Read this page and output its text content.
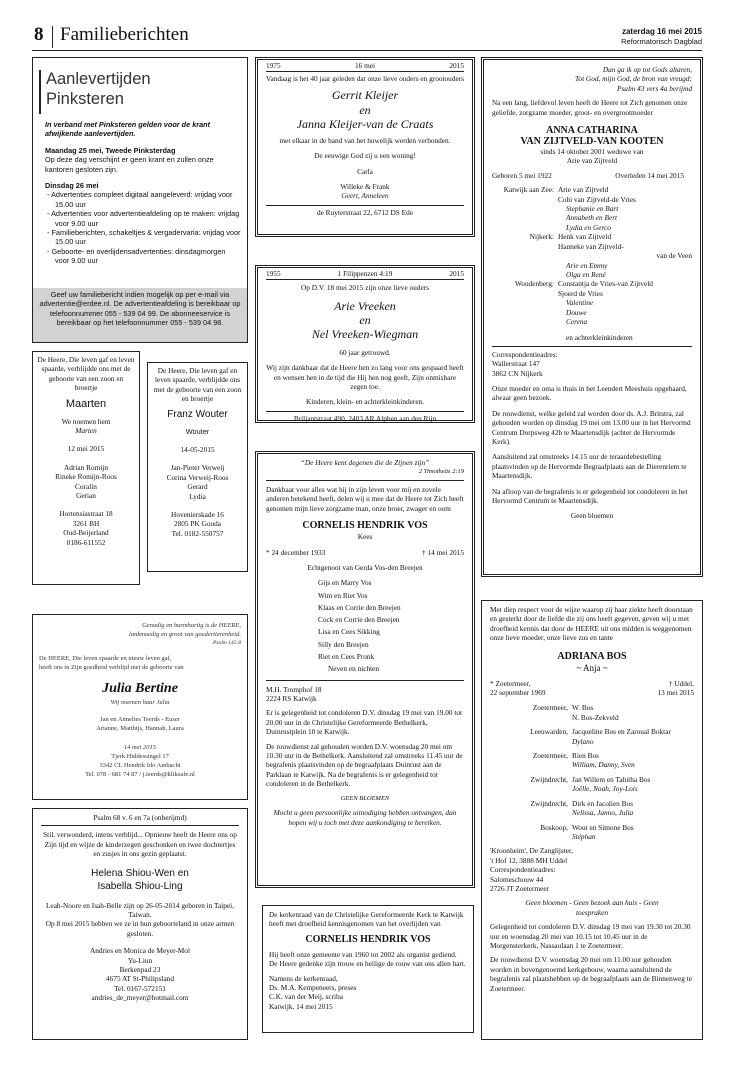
8 Familieberichten	zaterdag 16 mei 2015
Reformatorisch Dagblad
Aanlevertijden
Pinksteren

In verband met Pinksteren gelden voor de krant afwijkende aanlevertijden.

Maandag 25 mei, Tweede Pinksterdag

Op deze dag verschijnt er geen krant en zullen onze kantoren gesloten zijn.

Dinsdag 26 mei

- Advertenties compleet digitaal aangeleverd: vrijdag voor 15.00 uur

- Advertenties voor advertentieafdeling op te maken: vrijdag voor 9.00 uur

- Familieberichten, schakeltjes & vergadervaria: vrijdag voor 15.00 uur

- Geboorte- en overlijdensadvertenties: dinsdagmorgen voor 9.00 uur

Geef uw familiebericht indien mogelijk op per e-mail via advertentie@erdee.nl. De advertentieafdeling is bereikbaar op telefoonnummer 055 - 539 04 99. De abonneeservice is bereikbaar op het telefoonnummer 055 - 539 04 98.
1975	16 mei	2015

Vandaag is het 40 jaar geleden dat onze lieve ouders en grootouders

Gerrit Kleijer

en

Janna Kleijer-van de Craats

met elkaar in de band van het huwelijk werden verbonden.

De eeuwige God zij u een woning!

Carla

Willeke & Frank

Geert, Anneleen

de Ruyterstraat 22, 6712 DS Ede

1955	1 Filippenzen 4:19	2015

Op D.V. 18 mei 2015 zijn onze lieve ouders

Arie Vreeken

en

Nel Vreeken-Wiegman

60 jaar getrouwd.

Wij zijn dankbaar dat de Heere hen zo lang voor ons gespaard heeft en wensen hen in de tijd die Hij hen nog geeft, Zijn onmisbare zegen toe.

Kinderen, klein- en achterkleinkinderen.

Briljantstraat 490, 2403 AR Alphen aan den Rijn

Dan ga ik op tot Gods altaren,

Tot God, mijn God, de bron van vreugd;

Psalm 43 vers 4a berijmd

Na een lang, liefdevol leven heeft de Heere tot Zich genomen onze geliefde, zorgzame moeder, groot- en overgrootmoeder

ANNA CATHARINA

VAN ZIJTVELD-VAN KOOTEN

sinds 14 oktober 2001 weduwe van

Arie van Zijtveld

Geboren 5 mei 1922	Overleden 14 mei 2015
Katwijk aan Zee: Arie van Zijtveld

Cobi van Zijtveld-de Vries

Stephanie en Bart

Annabeth en Bert

Lydia en Gerco

Nijkerk: Henk van Zijtveld

Hanneke van Zijtveld-

van de Veen

Arie en Emmy

Olga en René

Woudenberg: Constantja de Vries-van Zijtveld

Sjoerd de Vries

Valentine

Douwe

Cerena

en achterkleinkinderen

Correspondentieadres:

Wallerstraat 147

3862 CN Nijkerk

Onze moeder en oma is thuis in het Leendert Meeshuis opgebaard, alwaar geen bezoek.

De rouwdienst, welke geleid zal worden door ds. A.J. Britstra, zal gehouden worden op dinsdag 19 mei om 13.00 uur in het Hervormd Centrum Dorpsweg 42b te Maartensdijk (achter de Hervormde Kerk).

Aansluitend zal omstreeks 14.15 uur de teraardebestelling plaatsvinden op de Hervormde Begraafplaats aan de Dierenriem te Maartensdijk.

Na afloop van de begrafenis is er gelegenheid tot condoleren in het Hervormd Centrum te Maartensdijk.

Geen bloemen

De Heere, Die leven gaf en leven spaarde, verblijdde ons met de geboorte van een zoon en broertje

Maarten

We noemen hem

Marten

12 mei 2015

Adrian Romijn

Rineke Romijn-Roos

Coralin

Gerian

Hortensiastraat 18

3261 BH

Oud-Beijerland

0186-611552

De Heere, Die leven gaf en leven spaarde, verblijdde ons met de geboorte van een zoon en broertje

Franz Wouter

Wouter

14-05-2015

Jan-Pieter Verweij

Corina Verweij-Roos

Gerard

Lydia

Hovenierskade 16

2805 PK Gouda

Tel. 0182-550757

Genadig en barmhartig is de HEERE,

lankmoedig en groot van goedertierenheid.

Psalm 145:8

De HEERE, Die leven spaarde en nieuw leven gaf,

heeft ons in Zijn goedheid verblijd met de geboorte van

Julia Bertine

Wij noemen haar Julia

Jan en Annelies Teerds - Euser

Arianne, Matthijs, Hannah, Laura

14 mei 2015

Tjerk Hiddessingel 17

3342 CL Hendrik Ido Ambacht

Tel. 078 - 681 74 87 / j.teerds@kliksafe.nl

Psalm 68 v. 6 en 7a (onberijmd)

Stil, verwonderd, intens verblijd... Opnieuw heeft de Heere ons op Zijn tijd en wijze de kinderzegen geschonken en twee dochtertjes en zusjes in ons gezin geplaatst.

Helena Shiou-Wen en

Isabella Shiou-Ling

Leah-Noore en Isah-Belle zijn op 26-05-2014 geboren in Taipei, Taiwan.

Op 8 mei 2015 hebben we ze in hun geboorteland in onze armen gesloten.

Andries en Monica de Meyer-Mol

Yu-Liun

Berkenpad 23

4675 AT St-Philipsland

Tel. 0167-572151

andries_de_meyer@hotmail.com

“De Heere kent degenen die de Zijnen zijn”

2 Timotheüs 2:19

Dankbaar voor alles wat hij in zijn leven voor mij en zovele anderen betekend heeft, delen wij u mee dat de Heere tot Zich heeft genomen mijn lieve zorgzame man, onze broer, zwager en oom

CORNELIS HENDRIK VOS

Kees

* 24 december 1933	† 14 mei 2015

Echtgenoot van Gerda Vos-den Breejen

Gijs en Marry Vos

Wim en Riet Vos

Klaas en Corrie den Breejen

Cock en Corrie den Breejen

Lisa en Cees Sikking

Silly den Breejen

Riet en Cees Pronk

Neven en nichten

M.H. Tromphof 18

2224 RS Katwijk

Er is gelegenheid tot condoleren D.V. dinsdag 19 mei van 19.00 tot 20.00 uur in de Christelijke Gereformeerde Bethelkerk, Duinrustplein 10 te Katwijk.

De rouwdienst zal gehouden worden D.V. woensdag 20 mei om 10.30 uur in de Bethelkerk. Aansluitend zal omstreeks 11.45 uur de begrafenis plaatsvinden op de begraafplaats Duinrust aan de Parklaan te Katwijk. Na de begrafenis is er gelegenheid tot condoleren in de Bethelkerk.

GEEN BLOEMEN

Mocht u geen persoonlijke uitnodiging hebben ontvangen, dan hopen wij u toch met deze aankondiging te bereiken.

De kerkenraad van de Christelijke Gereformeerde Kerk te Katwijk heeft met droefheid kennisgenomen van het overlijden van

CORNELIS HENDRIK VOS

Hij heeft onze gemeente van 1960 tot 2002 als organist gediend. De Heere gedenke zijn trouw en heilige de rouw van ons allen hart.

Namens de kerkenraad,

Ds. M.A. Kempeneers, preses

C.K. van der Meij, scriba

Katwijk, 14 mei 2015

Met diep respect voor de wijze waarop zij haar ziekte heeft doorstaan en gesterkt door de liefde die zij ons heeft gegeven, geven wij u met droefheid kennis dat door de HEERE uit ons midden is weggenomen onze lieve moeder, onze lieve zus en tante

ADRIANA BOS

~ Anja ~

* Zoetermeer,

22 september 1969

† Uddel,

13 mei 2015

Zoetermeer, W. Bos

N. Bos-Zekveld

Leeuwarden, Jacqueline Bos en Zaroual Boktar

Dylano

Zoetermeer, Rien Bos

William, Danny, Sven

Zwijndrecht, Jan Willem en Tabitha Bos

Joëlle, Noah, Joy-Lois

Zwijndrecht, Dirk en Jacolien Bos

Nelissa, Janno, Julia

Boskoop, Wout en Simone Bos

Stéphan

'Kroonheim', De Zanglijster,

't Hof 12, 3888 MH Uddel

Correspondentieadres:

Salomeschouw 44

2726 JT Zoetermeer

Geen bloemen - Geen bezoek aan huis - Geen toespraken

Gelegenheid tot condoleren D.V. dinsdag 19 mei van 19.30 tot 20.30 uur en woensdag 20 mei van 10.15 tot 10.45 uur in de Morgensterkerk, Nassaulaan 1 te Zoetermeer.

De rouwdienst D.V. woensdag 20 mei om 11.00 uur gehouden worden in bovengenoemd kerkgebouw, waarna aansluitend de begrafenis zal plaatshebben op de begraafplaats aan de Binnenweg te Zoetermeer.
